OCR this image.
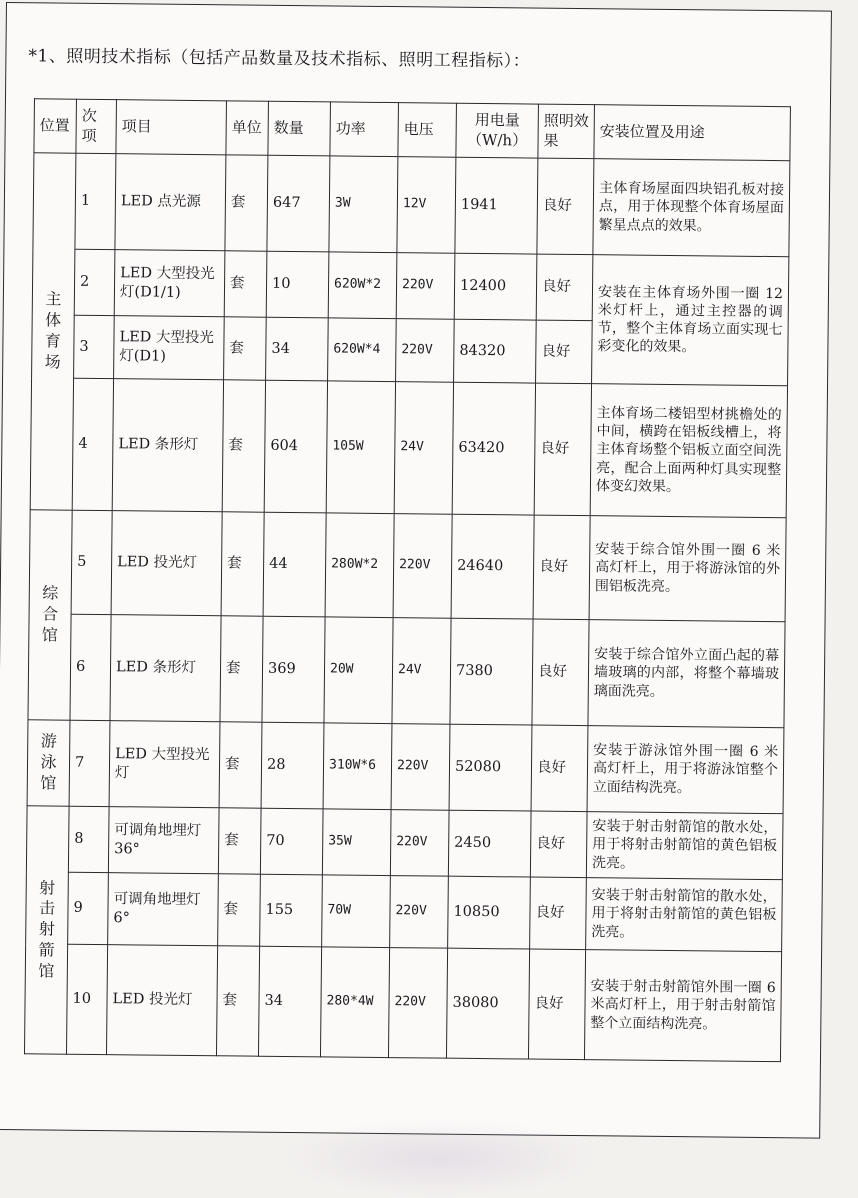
*1、照明技术指标（包括产品数量及技术指标、照明工程指标）：
位置	次项	项目	单位	数量	功率	电压	用电量（W/h）	照明效果	安装位置及用途

主体育场	1	LED 点光源	套	647	3W	12V	1941	良好	主体育场屋面四块铝孔板对接点，用于体现整个体育场屋面繁星点点的效果。
	2	LED 大型投光灯(D1/1)	套	10	620W*2	220V	12400	良好	安装在主体育场外围一圈 12 米灯杆上，通过主控器的调节，整个主体育场立面实现七彩变化的效果。
	3	LED 大型投光灯(D1)	套	34	620W*4	220V	84320	良好	
	4	LED 条形灯	套	604	105W	24V	63420	良好	主体育场二楼铝型材挑檐处的中间，横跨在铝板线槽上，将主体育场整个铝板立面空间洗亮，配合上面两种灯具实现整体变幻效果。

综合馆	5	LED 投光灯	套	44	280W*2	220V	24640	良好	安装于综合馆外围一圈 6 米高灯杆上，用于将游泳馆的外围铝板洗亮。
	6	LED 条形灯	套	369	20W	24V	7380	良好	安装于综合馆外立面凸起的幕墙玻璃的内部，将整个幕墙玻璃面洗亮。

游泳馆	7	LED 大型投光灯	套	28	310W*6	220V	52080	良好	安装于游泳馆外围一圈 6 米高灯杆上，用于将游泳馆整个立面结构洗亮。

射击射箭馆	8	可调角地埋灯 36°	套	70	35W	220V	2450	良好	安装于射击射箭馆的散水处，用于将射击射箭馆的黄色铝板洗亮。
	9	可调角地埋灯 6°	套	155	70W	220V	10850	良好	安装于射击射箭馆的散水处，用于将射击射箭馆的黄色铝板洗亮。
	10	LED 投光灯	套	34	280*4W	220V	38080	良好	安装于射击射箭馆外围一圈 6 米高灯杆上，用于射击射箭馆整个立面结构洗亮。
